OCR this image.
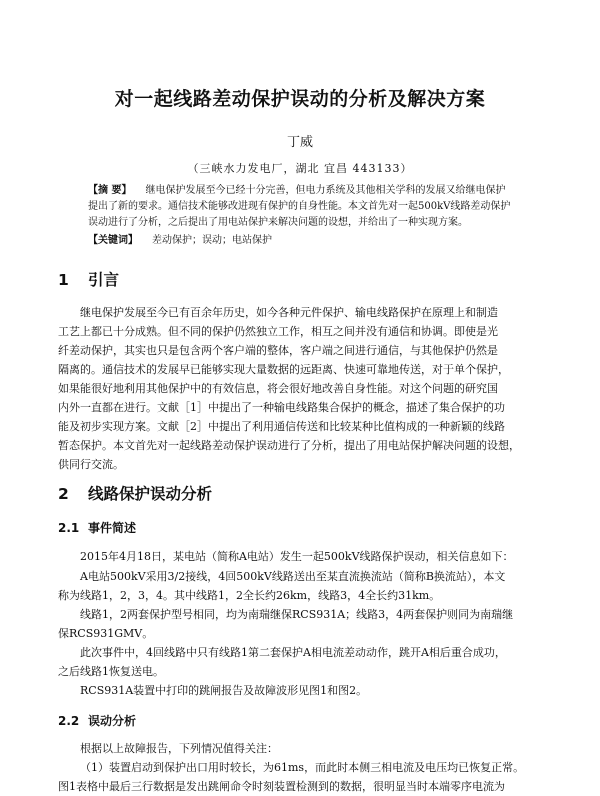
对一起线路差动保护误动的分析及解决方案
丁威
（三峡水力发电厂，湖北 宜昌 443133）
【摘 要】 继电保护发展至今已经十分完善，但电力系统及其他相关学科的发展又给继电保护
提出了新的要求。通信技术能够改进现有保护的自身性能。本文首先对一起500kV线路差动保护
误动进行了分析，之后提出了用电站保护来解决问题的设想，并给出了一种实现方案。
【关键词】 差动保护；误动；电站保护
1 引言
继电保护发展至今已有百余年历史，如今各种元件保护、输电线路保护在原理上和制造
工艺上都已十分成熟。但不同的保护仍然独立工作，相互之间并没有通信和协调。即使是光
纤差动保护，其实也只是包含两个客户端的整体，客户端之间进行通信，与其他保护仍然是
隔离的。通信技术的发展早已能够实现大量数据的远距离、快速可靠地传送，对于单个保护，
如果能很好地利用其他保护中的有效信息，将会很好地改善自身性能。对这个问题的研究国
内外一直都在进行。文献［1］中提出了一种输电线路集合保护的概念，描述了集合保护的功
能及初步实现方案。文献［2］中提出了利用通信传送和比较某种比值构成的一种新颖的线路
暂态保护。本文首先对一起线路差动保护误动进行了分析，提出了用电站保护解决问题的设想，
供同行交流。
2 线路保护误动分析
2.1 事件简述
2015年4月18日，某电站（简称A电站）发生一起500kV线路保护误动，相关信息如下：
A电站500kV采用3/2接线，4回500kV线路送出至某直流换流站（简称B换流站），本文
称为线路1，2，3，4。其中线路1，2全长约26km，线路3，4全长约31km。
线路1，2两套保护型号相同，均为南瑞继保RCS931A；线路3，4两套保护则同为南瑞继
保RCS931GMV。
此次事件中，4回线路中只有线路1第二套保护A相电流差动动作，跳开A相后重合成功，
之后线路1恢复送电。
RCS931A装置中打印的跳闸报告及故障波形见图1和图2。
2.2 误动分析
根据以上故障报告，下列情况值得关注：
（1）装置启动到保护出口用时较长，为61ms，而此时本侧三相电流及电压均已恢复正常。
图1表格中最后三行数据是发出跳闸命令时刻装置检测到的数据，很明显当时本端零序电流为
